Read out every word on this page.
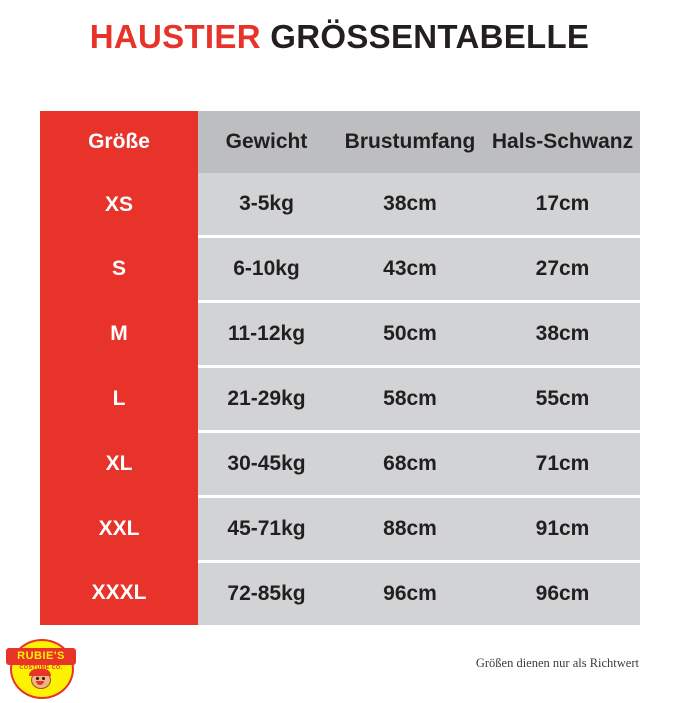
HAUSTIER GRÖSSENTABELLE
Größe	Gewicht	Brustumfang	Hals-Schwanz
XS	3-5kg	38cm	17cm
S	6-10kg	43cm	27cm
M	11-12kg	50cm	38cm
L	21-29kg	58cm	55cm
XL	30-45kg	68cm	71cm
XXL	45-71kg	88cm	91cm
XXXL	72-85kg	96cm	96cm
Größen dienen nur als Richtwert
RUBIE'S
COSTUME CO.
